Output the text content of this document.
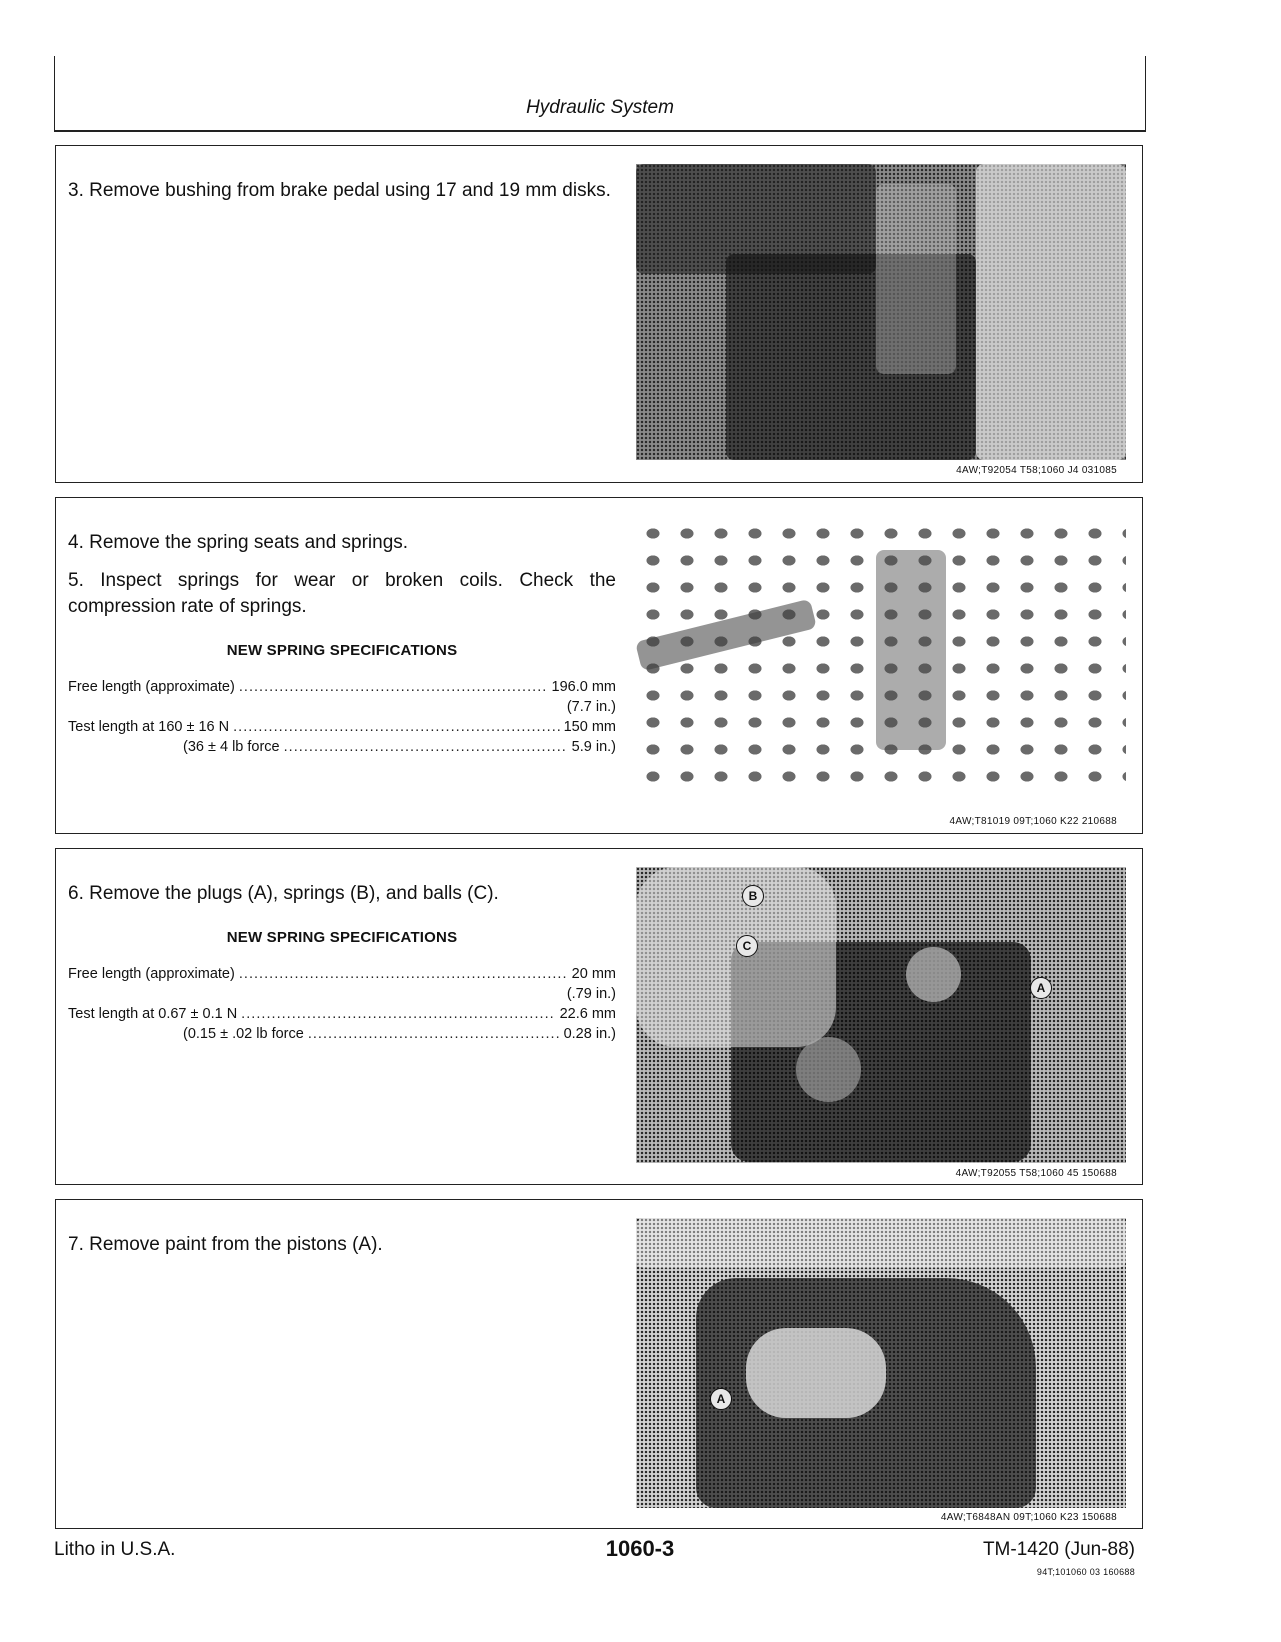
Hydraulic System

3. Remove bushing from brake pedal using 17 and 19 mm disks.

4AW;T92054 T58;1060 J4 031085

4. Remove the spring seats and springs.

5. Inspect springs for wear or broken coils. Check the compression rate of springs.

NEW SPRING SPECIFICATIONS
Free length (approximate) . . .	196.0 mm
(7.7 in.)
Test length at 160 ± 16 N . . .	150 mm
(36 ± 4 lb force . . .	5.9 in.)
4AW;T81019 09T;1060 K22 210688

6. Remove the plugs (A), springs (B), and balls (C).

NEW SPRING SPECIFICATIONS
Free length (approximate) . . .	20 mm
(.79 in.)
Test length at 0.67 ± 0.1 N . . .	22.6 mm
(0.15 ± .02 lb force . . .	0.28 in.)
B
C
A
4AW;T92055 T58;1060 45 150688

7. Remove paint from the pistons (A).

A
4AW;T6848AN 09T;1060 K23 150688
Litho in U.S.A.	1060-3	TM-1420 (Jun-88)
94T;101060 03 160688
